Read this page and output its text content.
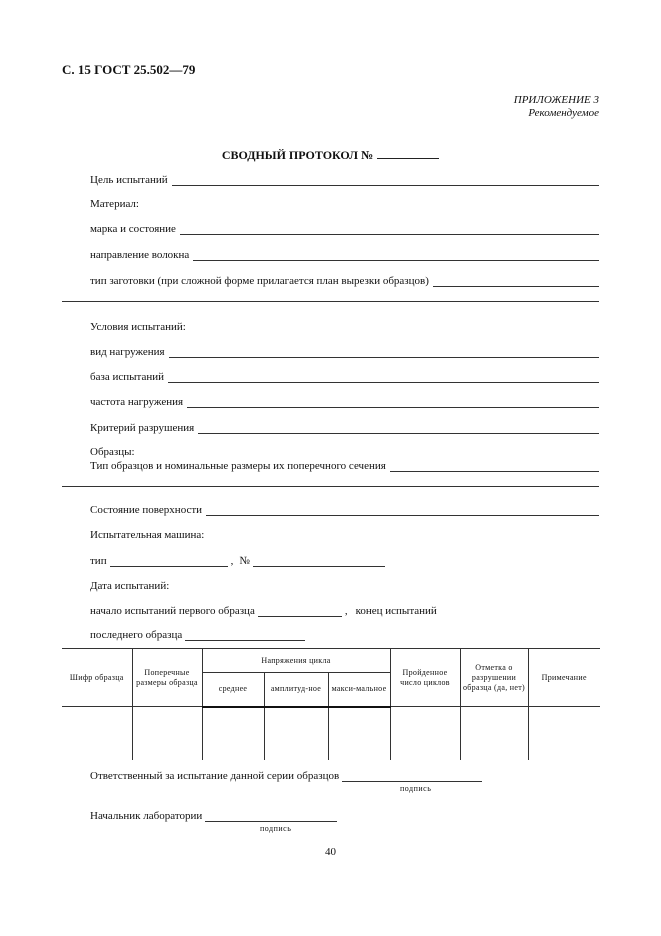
С. 15 ГОСТ 25.502—79
ПРИЛОЖЕНИЕ 3
Рекомендуемое
СВОДНЫЙ ПРОТОКОЛ №
Цель испытаний
Материал:
марка и состояние
направление волокна
тип заготовки (при сложной форме прилагается план вырезки образцов)
Условия испытаний:
вид нагружения
база испытаний
частота нагружения
Критерий разрушения
Образцы:
Тип образцов и номинальные размеры их поперечного сечения
Состояние поверхности
Испытательная машина:
тип	, №
Дата испытаний:
начало испытаний первого образца	, конец испытаний
последнего образца
Шифр образца	Поперечные размеры образца	Напряжения цикла			Пройденное число циклов	Отметка о разрушении образца (да, нет)	Примечание
		среднее	амплитуд-ное	макси-мальное			

Ответственный за испытание данной серии образцов
подпись
Начальник лаборатории
подпись
40
